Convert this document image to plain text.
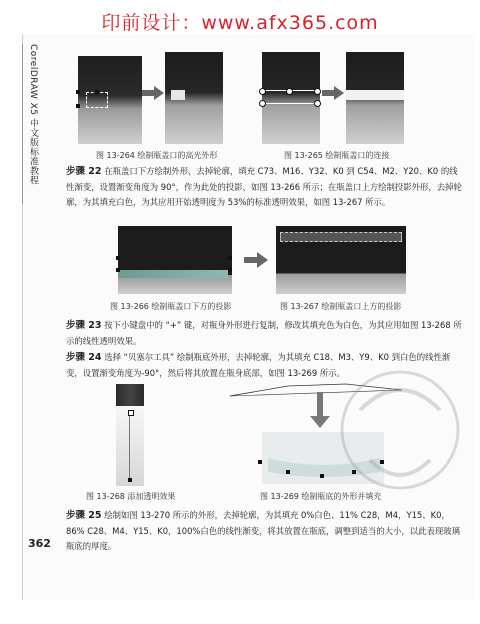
印前设计：www.afx365.com
CorelDRAW X5 中文版标准教程	图 13-264 绘制瓶盖口的高光外形	图 13-265 绘制瓶盖口的连接
步骤 22 在瓶盖口下方绘制外形，去掉轮廓，填充 C73、M16、Y32、K0 到 C54、M2、Y20、K0 的线性渐变，设置渐变角度为 90°，作为此处的投影，如图 13-266 所示；在瓶盖口上方绘制投影外形，去掉轮廓，为其填充白色，为其应用开始透明度为 53%的标准透明效果，如图 13-267 所示。
图 13-266 绘制瓶盖口下方的投影	图 13-267 绘制瓶盖口上方的投影
步骤 23 按下小键盘中的 “+” 键，对瓶身外形进行复制，修改其填充色为白色，为其应用如图 13-268 所示的线性透明效果。
步骤 24 选择 “贝塞尔工具” 绘制瓶底外形，去掉轮廓，为其填充 C18、M3、Y9、K0 到白色的线性渐变，设置渐变角度为-90°，然后将其放置在瓶身底部，如图 13-269 所示。
图 13-268 添加透明效果	图 13-269 绘制瓶底的外形并填充
步骤 25 绘制如图 13-270 所示的外形，去掉轮廓，为其填充 0%白色、11% C28，M4，Y15、K0，86% C28、M4、Y15、K0，100%白色的线性渐变，将其放置在瓶底，调整到适当的大小，以此表现玻璃瓶底的厚度。
362
